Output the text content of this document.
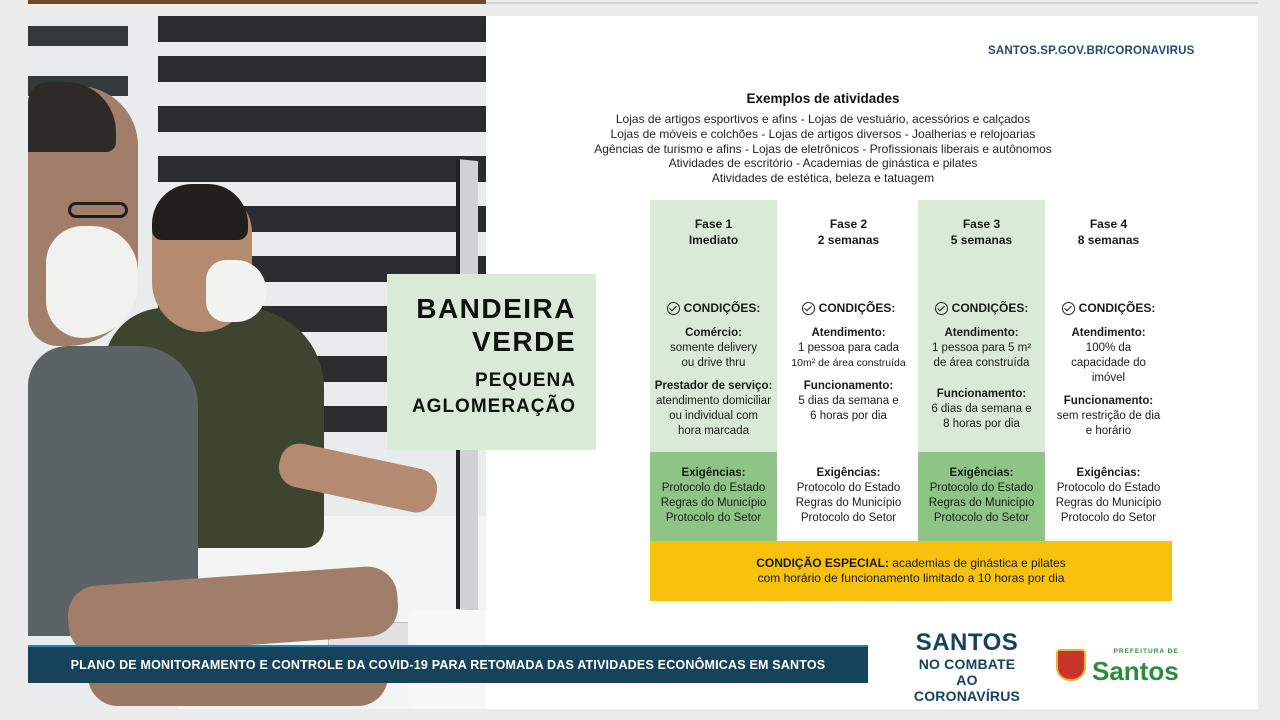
BANDEIRA
VERDE
PEQUENA
AGLOMERAÇÃO
SANTOS.SP.GOV.BR/CORONAVIRUS
Exemplos de atividades
Lojas de artigos esportivos e afins - Lojas de vestuário, acessórios e calçados
Lojas de móveis e colchões - Lojas de artigos diversos - Joalherias e relojoarias
Agências de turismo e afins - Lojas de eletrônicos - Profissionais liberais e autônomos
Atividades de escritório - Academias de ginástica e pilates
Atividades de estética, beleza e tatuagem
Fase 1
Imediato
CONDIÇÕES:
Comércio:
somente delivery
ou drive thru
Prestador de serviço:
atendimento domiciliar
ou individual com
hora marcada
Exigências:
Protocolo do Estado
Regras do Município
Protocolo do Setor
Fase 2
2 semanas
CONDIÇÕES:
Atendimento:
1 pessoa para cada
10m² de área construída
Funcionamento:
5 dias da semana e
6 horas por dia
Exigências:
Protocolo do Estado
Regras do Município
Protocolo do Setor
Fase 3
5 semanas
CONDIÇÕES:
Atendimento:
1 pessoa para 5 m²
de área construída
Funcionamento:
6 dias da semana e
8 horas por dia
Exigências:
Protocolo do Estado
Regras do Município
Protocolo do Setor
Fase 4
8 semanas
CONDIÇÕES:
Atendimento:
100% da
capacidade do
imóvel
Funcionamento:
sem restrição de dia
e horário
Exigências:
Protocolo do Estado
Regras do Município
Protocolo do Setor
CONDIÇÃO ESPECIAL: academias de ginástica e pilates
com horário de funcionamento limitado a 10 horas por dia
PLANO DE MONITORAMENTO E CONTROLE DA COVID-19 PARA RETOMADA DAS ATIVIDADES ECONÔMICAS EM SANTOS
SANTOS
NO COMBATE
AO CORONAVÍRUS
PREFEITURA DE
Santos
